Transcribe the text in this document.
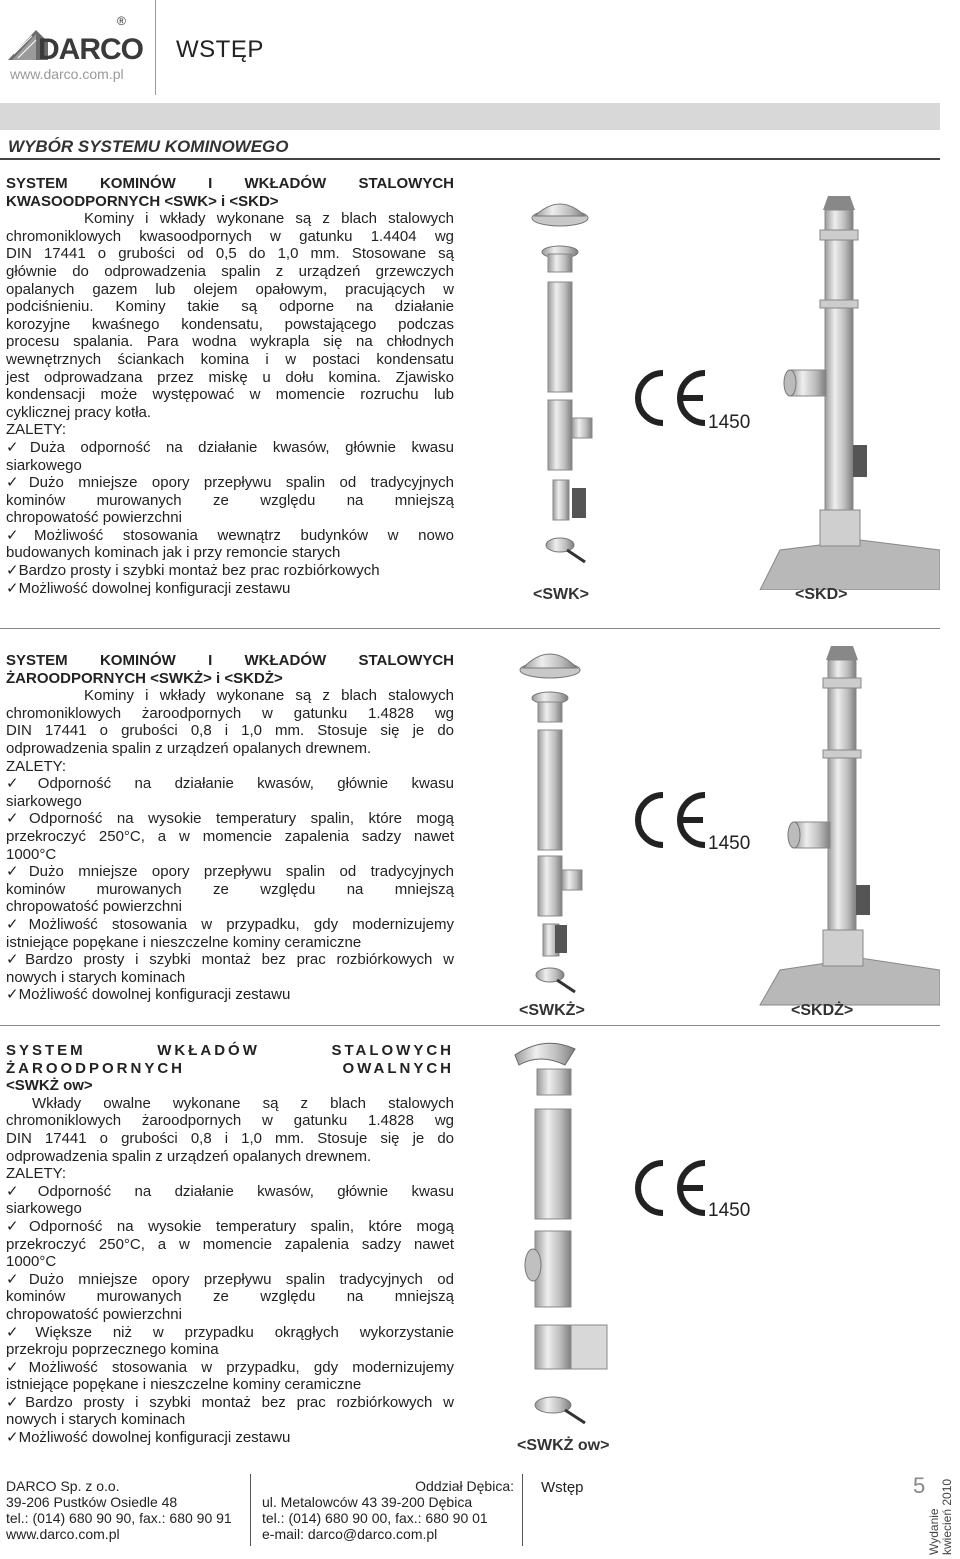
DARCO
®
www.darco.com.pl
WSTĘP
WYBÓR SYSTEMU KOMINOWEGO
SYSTEM KOMINÓW I WKŁADÓW STALOWYCH
KWASOODPORNYCH <SWK> i <SKD>
Kominy i wkłady wykonane są z blach stalowych
chromoniklowych kwasoodpornych w gatunku 1.4404 wg
DIN 17441 o grubości od 0,5 do 1,0 mm. Stosowane są
głównie do odprowadzenia spalin z urządzeń grzewczych
opalanych gazem lub olejem opałowym, pracujących w
podciśnieniu. Kominy takie są odporne na działanie
korozyjne kwaśnego kondensatu, powstającego podczas
procesu spalania. Para wodna wykrapla się na chłodnych
wewnętrznych ściankach komina i w postaci kondensatu
jest odprowadzana przez miskę u dołu komina. Zjawisko
kondensacji może występować w momencie rozruchu lub
cyklicznej pracy kotła.
ZALETY:
✓Duża odporność na działanie kwasów, głównie kwasu
siarkowego
✓Dużo mniejsze opory przepływu spalin od tradycyjnych
kominów murowanych ze względu na mniejszą
chropowatość powierzchni
✓Możliwość stosowania wewnątrz budynków w nowo
budowanych kominach jak i przy remoncie starych
✓Bardzo prosty i szybki montaż bez prac rozbiórkowych
✓Możliwość dowolnej konfiguracji zestawu
1450
<SWK>	<SKD>
SYSTEM KOMINÓW I WKŁADÓW STALOWYCH
ŻAROODPORNYCH <SWKŻ> i <SKDŻ>
Kominy i wkłady wykonane są z blach stalowych
chromoniklowych żaroodpornych w gatunku 1.4828 wg
DIN 17441 o grubości 0,8 i 1,0 mm. Stosuje się je do
odprowadzenia spalin z urządzeń opalanych drewnem.
ZALETY:
✓Odporność na działanie kwasów, głównie kwasu
siarkowego
✓Odporność na wysokie temperatury spalin, które mogą
przekroczyć 250°C, a w momencie zapalenia sadzy nawet
1000°C
✓Dużo mniejsze opory przepływu spalin od tradycyjnych
kominów murowanych ze względu na mniejszą
chropowatość powierzchni
✓Możliwość stosowania w przypadku, gdy modernizujemy
istniejące popękane i nieszczelne kominy ceramiczne
✓Bardzo prosty i szybki montaż bez prac rozbiórkowych w
nowych i starych kominach
✓Możliwość dowolnej konfiguracji zestawu
1450
<SWKŻ>	<SKDŻ>
SYSTEM WKŁADÓW STALOWYCH
ŻAROODPORNYCH OWALNYCH
<SWKŻ ow>
Wkłady owalne wykonane są z blach stalowych
chromoniklowych żaroodpornych w gatunku 1.4828 wg
DIN 17441 o grubości 0,8 i 1,0 mm. Stosuje się je do
odprowadzenia spalin z urządzeń opalanych drewnem.
ZALETY:
✓Odporność na działanie kwasów, głównie kwasu
siarkowego
✓Odporność na wysokie temperatury spalin, które mogą
przekroczyć 250°C, a w momencie zapalenia sadzy nawet
1000°C
✓Dużo mniejsze opory przepływu spalin tradycyjnych od
kominów murowanych ze względu na mniejszą
chropowatość powierzchni
✓Większe niż w przypadku okrągłych wykorzystanie
przekroju poprzecznego komina
✓Możliwość stosowania w przypadku, gdy modernizujemy
istniejące popękane i nieszczelne kominy ceramiczne
✓Bardzo prosty i szybki montaż bez prac rozbiórkowych w
nowych i starych kominach
✓Możliwość dowolnej konfiguracji zestawu
1450
<SWKŻ ow>
DARCO Sp. z o.o.
39-206 Pustków Osiedle 48
tel.: (014) 680 90 90, fax.: 680 90 91
www.darco.com.pl
Oddział Dębica:
ul. Metalowców 43 39-200 Dębica
tel.: (014) 680 90 00, fax.: 680 90 01
e-mail: darco@darco.com.pl
Wstęp	5
Wydanie kwiecień 2010
